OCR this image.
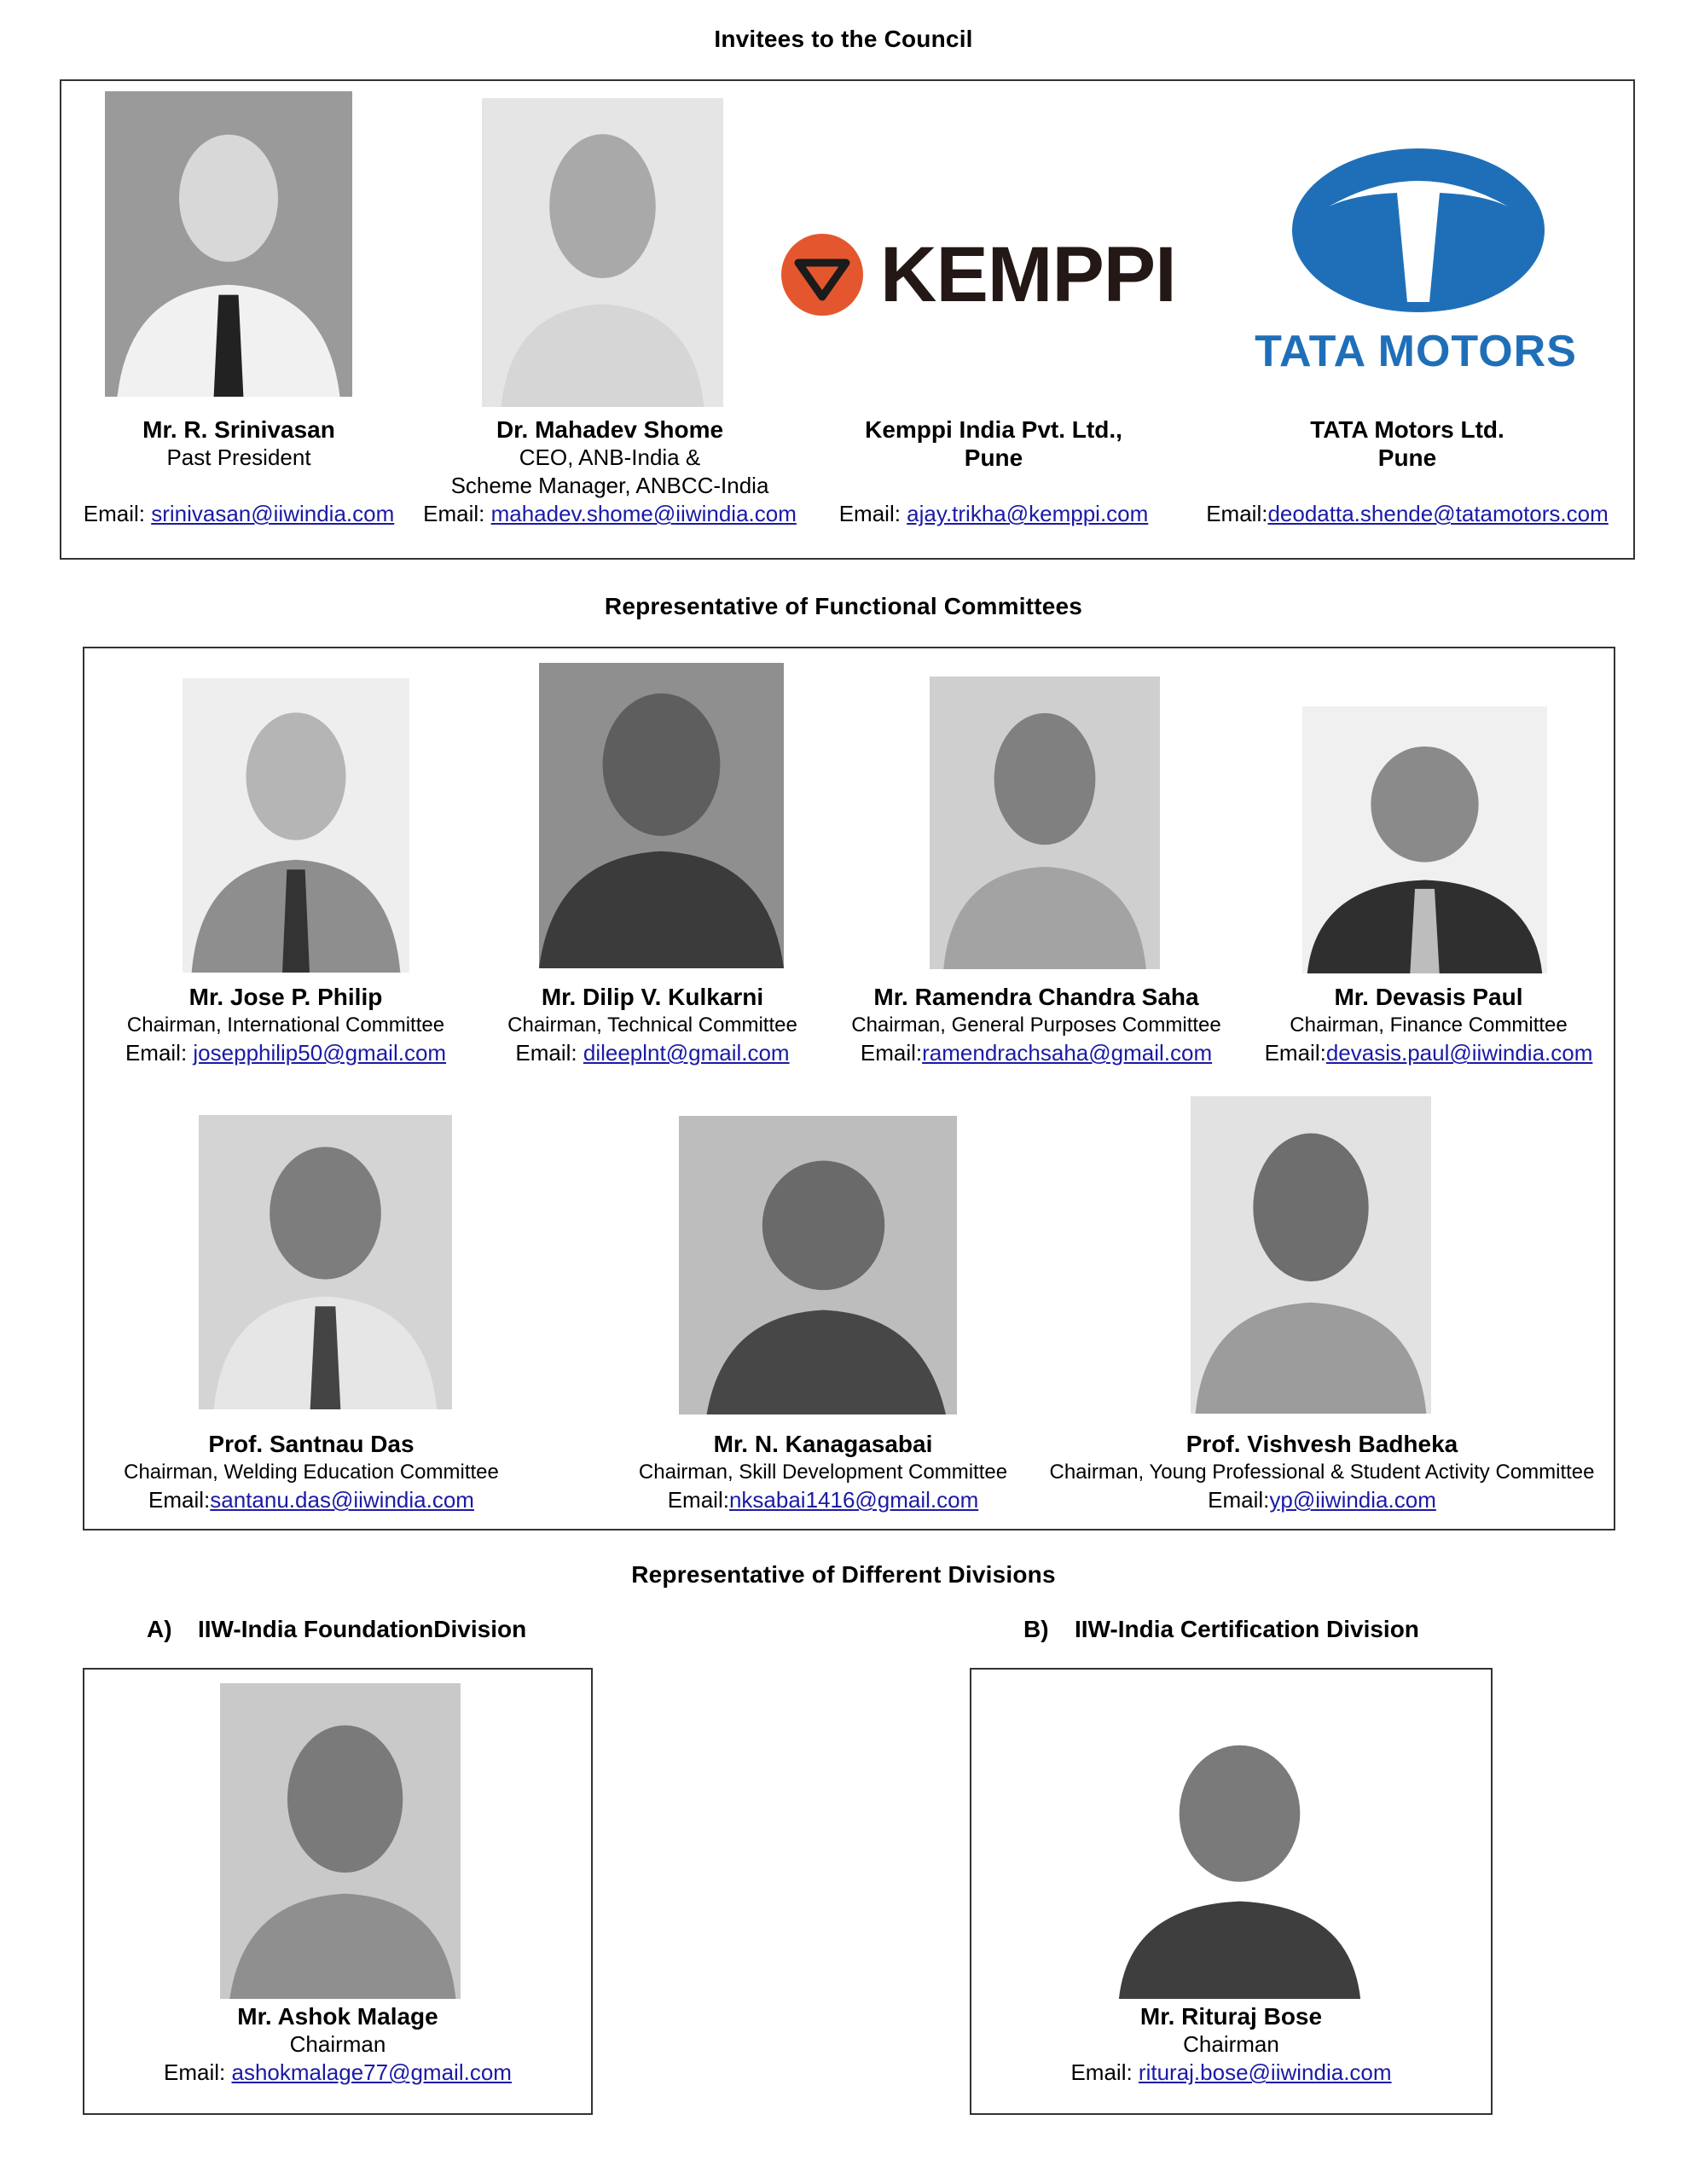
Invitees to the Council
KEMPPI
TATA MOTORS
Mr. R. Srinivasan
Past President
Email: srinivasan@iiwindia.com
Dr. Mahadev Shome
CEO, ANB-India &
Scheme Manager, ANBCC-India
Email: mahadev.shome@iiwindia.com
Kemppi India Pvt. Ltd.,
Pune
Email: ajay.trikha@kemppi.com
TATA Motors Ltd.
Pune
Email:deodatta.shende@tatamotors.com
Representative of Functional Committees
Mr. Jose P. Philip
Chairman, International Committee
Email: josepphilip50@gmail.com
Mr. Dilip V. Kulkarni
Chairman, Technical Committee
Email: dileeplnt@gmail.com
Mr. Ramendra Chandra Saha
Chairman, General Purposes Committee
Email:ramendrachsaha@gmail.com
Mr. Devasis Paul
Chairman, Finance Committee
Email:devasis.paul@iiwindia.com
Prof. Santnau Das
Chairman, Welding Education Committee
Email:santanu.das@iiwindia.com
Mr. N. Kanagasabai
Chairman, Skill Development Committee
Email:nksabai1416@gmail.com
Prof. Vishvesh Badheka
Chairman, Young Professional & Student Activity Committee
Email:yp@iiwindia.com
Representative of Different Divisions
A) IIW-India FoundationDivision	B) IIW-India Certification Division
Mr. Ashok Malage
Chairman
Email: ashokmalage77@gmail.com
Mr. Rituraj Bose
Chairman
Email: rituraj.bose@iiwindia.com
